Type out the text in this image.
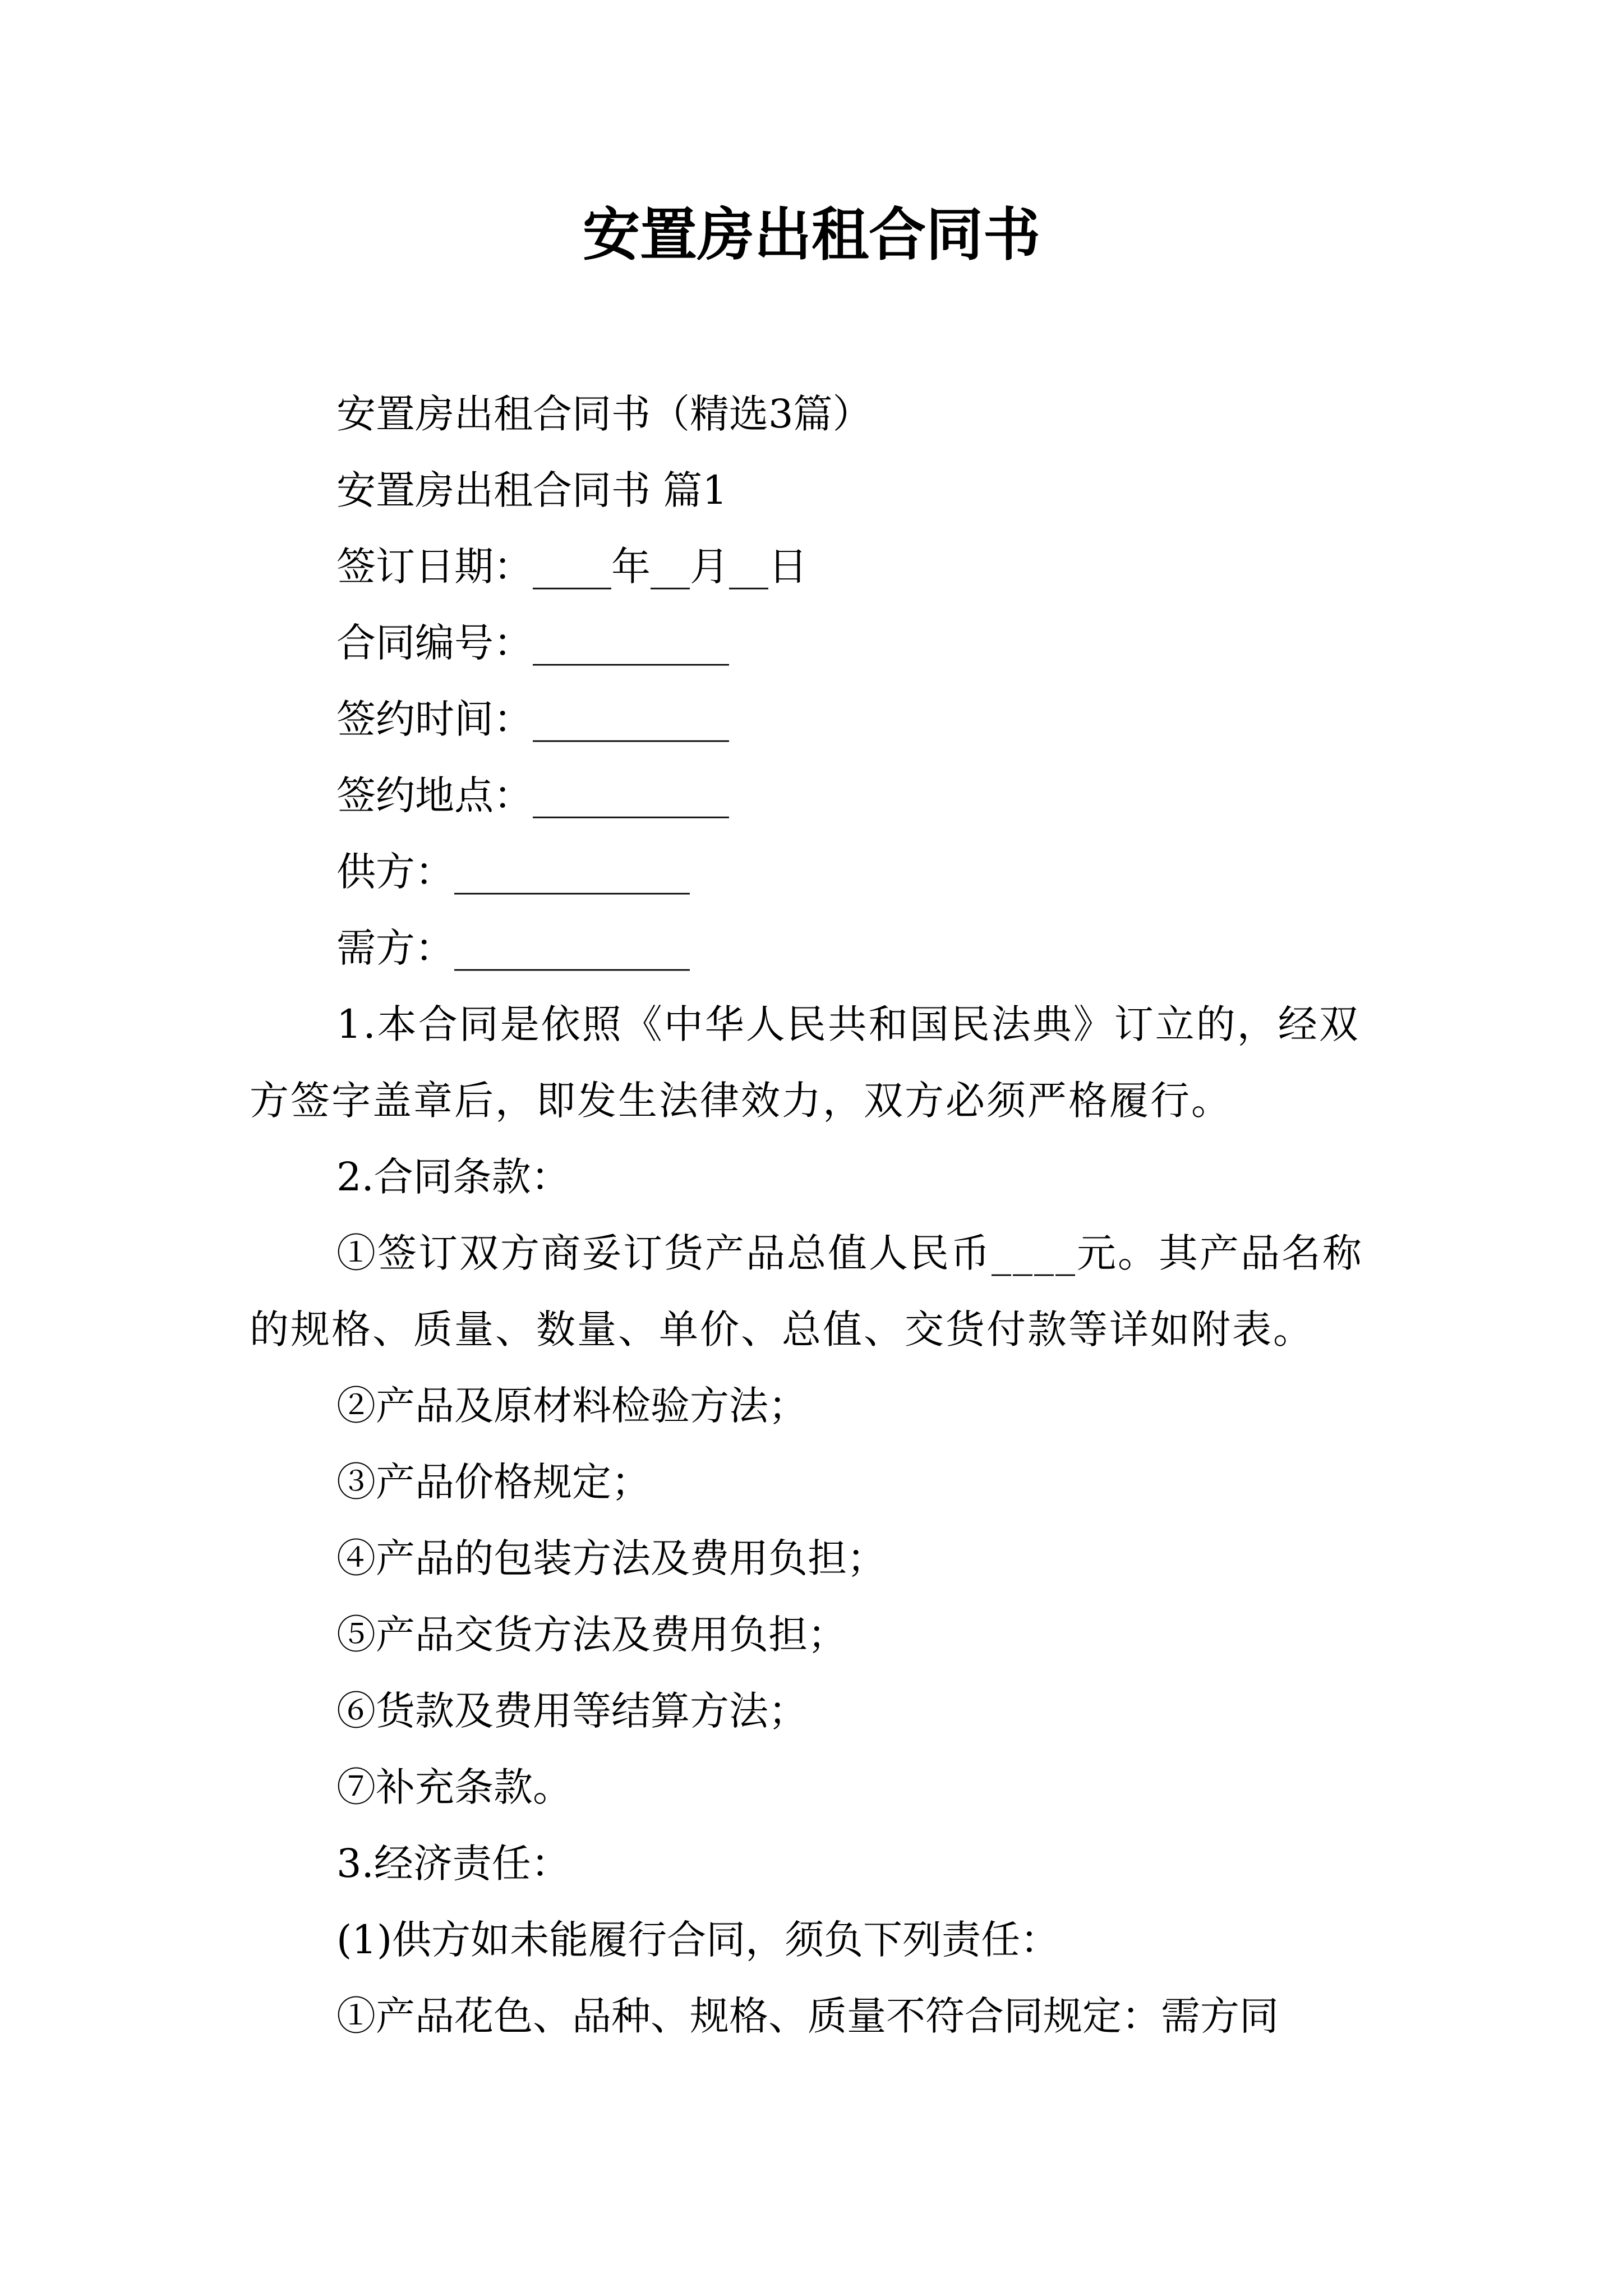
安置房出租合同书

安置房出租合同书（精选3篇）

安置房出租合同书 篇1

签订日期：____年__月__日

合同编号：__________

签约时间：__________

签约地点：__________

供方：____________

需方：____________

1.本合同是依照《中华人民共和国民法典》订立的，经双方签字盖章后，即发生法律效力，双方必须严格履行。

2.合同条款：

①签订双方商妥订货产品总值人民币____元。其产品名称的规格、质量、数量、单价、总值、交货付款等详如附表。

②产品及原材料检验方法；

③产品价格规定；

④产品的包装方法及费用负担；

⑤产品交货方法及费用负担；

⑥货款及费用等结算方法；

⑦补充条款。

3.经济责任：

(1)供方如未能履行合同，须负下列责任：

①产品花色、品种、规格、质量不符合同规定：需方同
